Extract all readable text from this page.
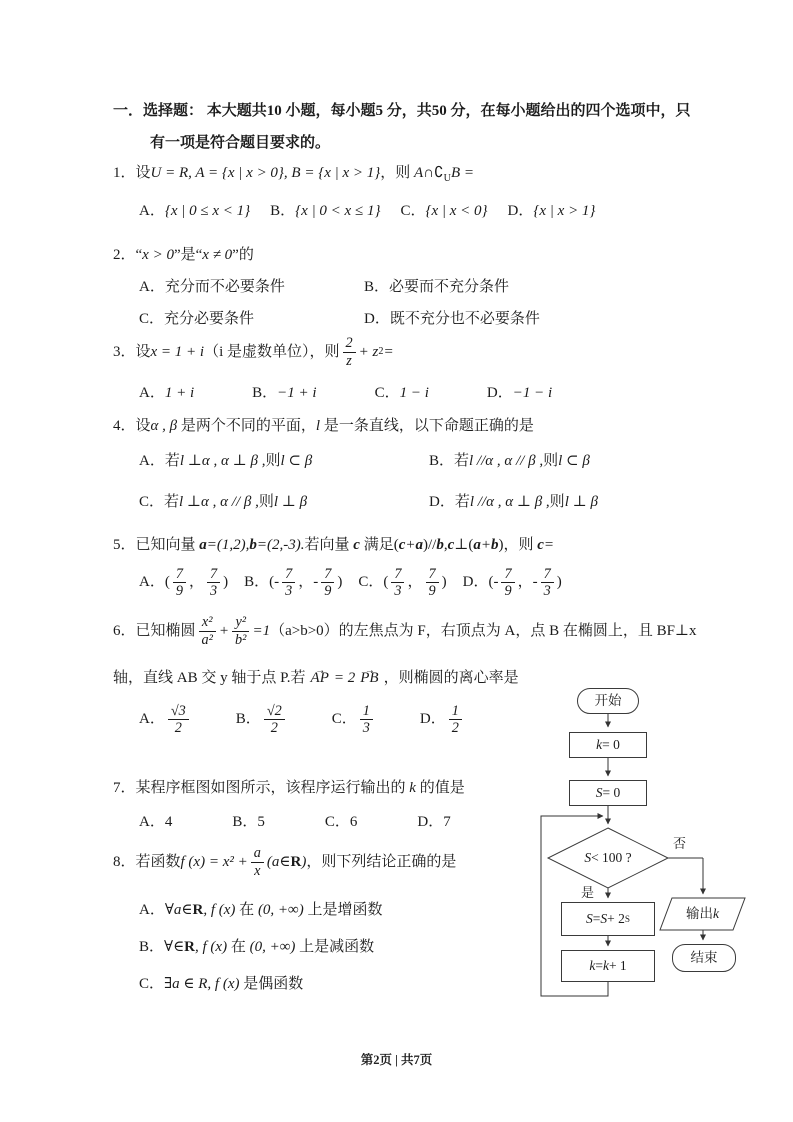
一．选择题： 本大题共10 小题，每小题5 分，共50 分，在每小题给出的四个选项中，只
有一项是符合题目要求的。
1．设U = R, A = {x | x > 0}, B = {x | x > 1}，则 $A\cap∁_UB$ =
A． {x | 0 ≤ x < 1} B． {x | 0 < x ≤ 1} C． {x | x < 0} D． {x | x > 1}
2．“x > 0”是“x ≠ 0”的
A．充分而不必要条件	B．必要而不充分条件
C．充分必要条件	D．既不充分也不必要条件
3．设 x = 1 + i （i 是虚数单位），则 $\frac{2}{z} + z$ 2 =
A． 1 + i	B． −1 + i	C． 1 − i	D． −1 − i
4．设α , β 是两个不同的平面，l 是一条直线，以下命题正确的是
A．若 l ⊥α , α ⊥ β , 则 l ⊂ β	B．若 l //α , α // β , 则 l ⊂ β
C．若 l ⊥α , α // β , 则 l ⊥ β	D．若 l //α , α ⊥ β , 则 l ⊥ β
5．已知向量 a=(1,2),b=(2,-3).若向量 c 满足(c+a)//b,c⊥(a+b)，则 c=
A．( $\frac{7}{9}$ ， $\frac{7}{3}$ ) B．(- $\frac{7}{3}$ ，- $\frac{7}{9}$ ) C．( $\frac{7}{3}$ ， $\frac{7}{9}$ ) D．(- $\frac{7}{9}$ ，- $\frac{7}{3}$ )
6．已知椭圆 $\frac{\text{x²}}{\text{a²}} + \frac{\text{y²}}{\text{b²}} =1$ （a>b>0）的左焦点为 F，右顶点为 A，点 B 在椭圆上，且 BF⊥x
轴，直线 AB 交 y 轴于点 P.若 AP → = 2 PB → ，则椭圆的离心率是
A． $\frac{√3}{2}$	B． $\frac{√2}{2}$	C． $\frac{1}{3}$	D． $\frac{1}{2}$
7．某程序框图如图所示，该程序运行输出的 k 的值是
A．4	B．5	C．6	D．7
8．若函数 f $(x) = x^2 + \frac{a}{x}$ (a∈ R ) ，则下列结论正确的是
A．∀a∈R, f (x) 在 (0, +∞) 上是增函数
B．∀∈R, f (x) 在 (0, +∞) 上是减函数
C．∃a ∈ R, f (x) 是偶函数
开始
k = 0
S = 0
S < 100 ?
是
否
S = S + 2 S
k = k + 1
输出 k
结束
第2页 | 共7页
